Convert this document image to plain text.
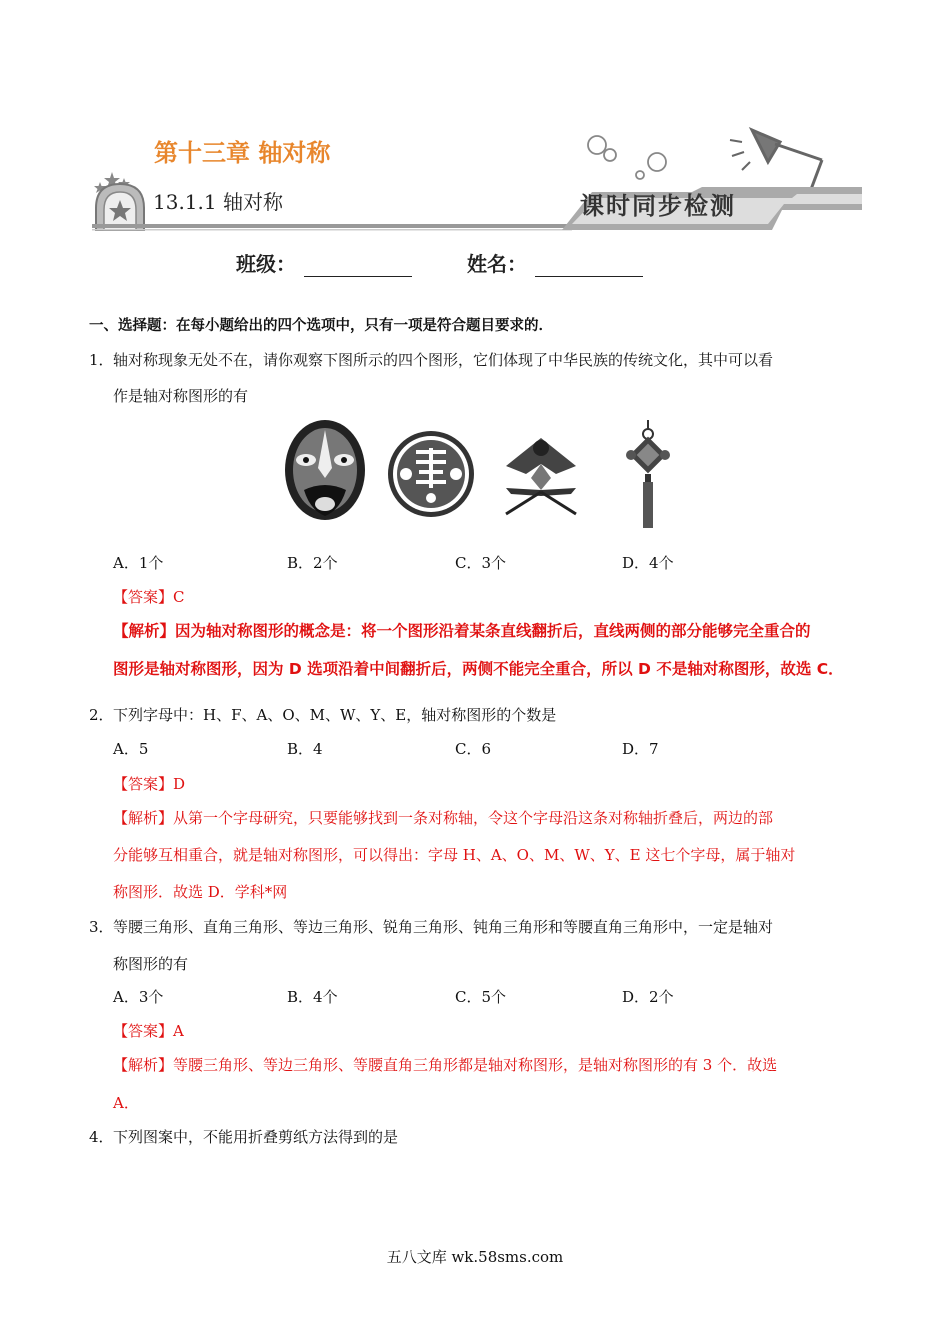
第十三章 轴对称
13.1.1 轴对称	课时同步检测
班级：	姓名：
一、选择题：在每小题给出的四个选项中，只有一项是符合题目要求的．
1． 轴对称现象无处不在，请你观察下图所示的四个图形，它们体现了中华民族的传统文化，其中可以看
作是轴对称图形的有
A．1个	B．2个	C．3个	D．4个
【答案】C
【解析】因为轴对称图形的概念是：将一个图形沿着某条直线翻折后，直线两侧的部分能够完全重合的
图形是轴对称图形，因为 D 选项沿着中间翻折后，两侧不能完全重合，所以 D 不是轴对称图形，故选 C．
2． 下列字母中：H、F、A、O、M、W、Y、E，轴对称图形的个数是
A．5	B．4	C．6	D．7
【答案】D
【解析】从第一个字母研究，只要能够找到一条对称轴，令这个字母沿这条对称轴折叠后，两边的部
分能够互相重合，就是轴对称图形，可以得出：字母 H、A、O、M、W、Y、E 这七个字母，属于轴对
称图形．故选 D．学科*网
3． 等腰三角形、直角三角形、等边三角形、锐角三角形、钝角三角形和等腰直角三角形中，一定是轴对
称图形的有
A．3个	B．4个	C．5个	D．2个
【答案】A
【解析】等腰三角形、等边三角形、等腰直角三角形都是轴对称图形，是轴对称图形的有 3 个．故选
A．
4． 下列图案中，不能用折叠剪纸方法得到的是
五八文库 wk.58sms.com
